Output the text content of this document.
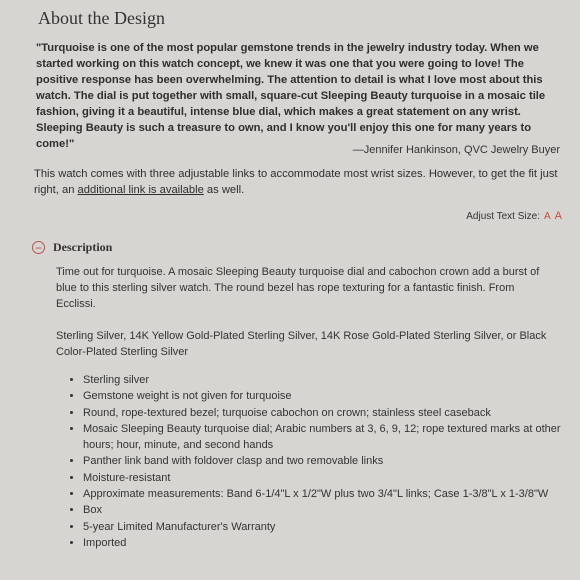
About the Design
"Turquoise is one of the most popular gemstone trends in the jewelry industry today. When we started working on this watch concept, we knew it was one that you were going to love! The positive response has been overwhelming. The attention to detail is what I love most about this watch. The dial is put together with small, square-cut Sleeping Beauty turquoise in a mosaic tile fashion, giving it a beautiful, intense blue dial, which makes a great statement on any wrist. Sleeping Beauty is such a treasure to own, and I know you'll enjoy this one for many years to come!"	—Jennifer Hankinson, QVC Jewelry Buyer
This watch comes with three adjustable links to accommodate most wrist sizes. However, to get the fit just right, an additional link is available as well.
Adjust Text Size: A A
− Description

Time out for turquoise. A mosaic Sleeping Beauty turquoise dial and cabochon crown add a burst of blue to this sterling silver watch. The round bezel has rope texturing for a fantastic finish. From Ecclissi.

Sterling Silver, 14K Yellow Gold-Plated Sterling Silver, 14K Rose Gold-Plated Sterling Silver, or Black Color-Plated Sterling Silver

• Sterling silver
• Gemstone weight is not given for turquoise
• Round, rope-textured bezel; turquoise cabochon on crown; stainless steel caseback
• Mosaic Sleeping Beauty turquoise dial; Arabic numbers at 3, 6, 9, 12; rope textured marks at other hours; hour, minute, and second hands
• Panther link band with foldover clasp and two removable links
• Moisture-resistant
• Approximate measurements: Band 6-1/4"L x 1/2"W plus two 3/4"L links; Case 1-3/8"L x 1-3/8"W
• Box
• 5-year Limited Manufacturer's Warranty
• Imported
